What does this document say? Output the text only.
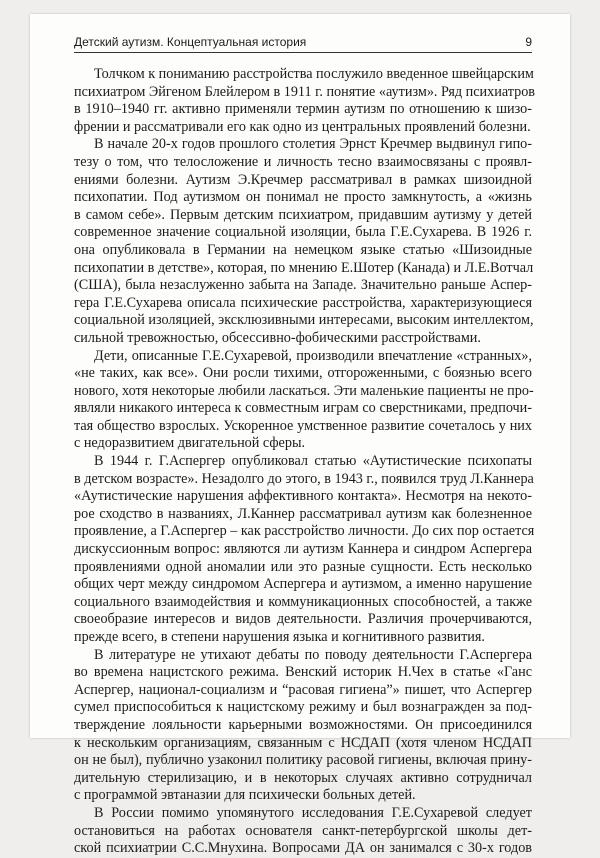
Детский аутизм. Концептуальная история	9
Толчком к пониманию расстройства послужило введенное швейцарским
психиатром Эйгеном Блейлером в 1911 г. понятие «аутизм». Ряд психиатров
в 1910–1940 гг. активно применяли термин аутизм по отношению к шизо-
френии и рассматривали его как одно из центральных проявлений болезни.
В начале 20-х годов прошлого столетия Эрнст Кречмер выдвинул гипо-
тезу о том, что телосложение и личность тесно взаимосвязаны с проявл-
ениями болезни. Аутизм Э.Кречмер рассматривал в рамках шизоидной
психопатии. Под аутизмом он понимал не просто замкнутость, а «жизнь
в самом себе». Первым детским психиатром, придавшим аутизму у детей
современное значение социальной изоляции, была Г.Е.Сухарева. В 1926 г.
она опубликовала в Германии на немецком языке статью «Шизоидные
психопатии в детстве», которая, по мнению Е.Шотер (Канада) и Л.Е.Вотчал
(США), была незаслуженно забыта на Западе. Значительно раньше Аспер-
гера Г.Е.Сухарева описала психические расстройства, характеризующиеся
социальной изоляцией, эксклюзивными интересами, высоким интеллектом,
сильной тревожностью, обсессивно-фобическими расстройствами.
Дети, описанные Г.Е.Сухаревой, производили впечатление «странных»,
«не таких, как все». Они росли тихими, отгороженными, с боязнью всего
нового, хотя некоторые любили ласкаться. Эти маленькие пациенты не про-
являли никакого интереса к совместным играм со сверстниками, предпочи-
тая общество взрослых. Ускоренное умственное развитие сочеталось у них
с недоразвитием двигательной сферы.
В 1944 г. Г.Аспергер опубликовал статью «Аутистические психопаты
в детском возрасте». Незадолго до этого, в 1943 г., появился труд Л.Каннера
«Аутистические нарушения аффективного контакта». Несмотря на некото-
рое сходство в названиях, Л.Каннер рассматривал аутизм как болезненное
проявление, а Г.Аспергер – как расстройство личности. До сих пор остается
дискуссионным вопрос: являются ли аутизм Каннера и синдром Аспергера
проявлениями одной аномалии или это разные сущности. Есть несколько
общих черт между синдромом Аспергера и аутизмом, а именно нарушение
социального взаимодействия и коммуникационных способностей, а также
своеобразие интересов и видов деятельности. Различия прочерчиваются,
прежде всего, в степени нарушения языка и когнитивного развития.
В литературе не утихают дебаты по поводу деятельности Г.Аспергера
во времена нацистского режима. Венский историк Н.Чех в статье «Ганс
Аспергер, национал-социализм и “расовая гигиена”» пишет, что Аспергер
сумел приспособиться к нацистскому режиму и был вознагражден за под-
тверждение лояльности карьерными возможностями. Он присоединился
к нескольким организациям, связанным с НСДАП (хотя членом НСДАП
он не был), публично узаконил политику расовой гигиены, включая прину-
дительную стерилизацию, и в некоторых случаях активно сотрудничал
с программой эвтаназии для психически больных детей.
В России помимо упомянутого исследования Г.Е.Сухаревой следует
остановиться на работах основателя санкт-петербургской школы дет-
ской психиатрии С.С.Мнухина. Вопросами ДА он занимался с 30-х годов
